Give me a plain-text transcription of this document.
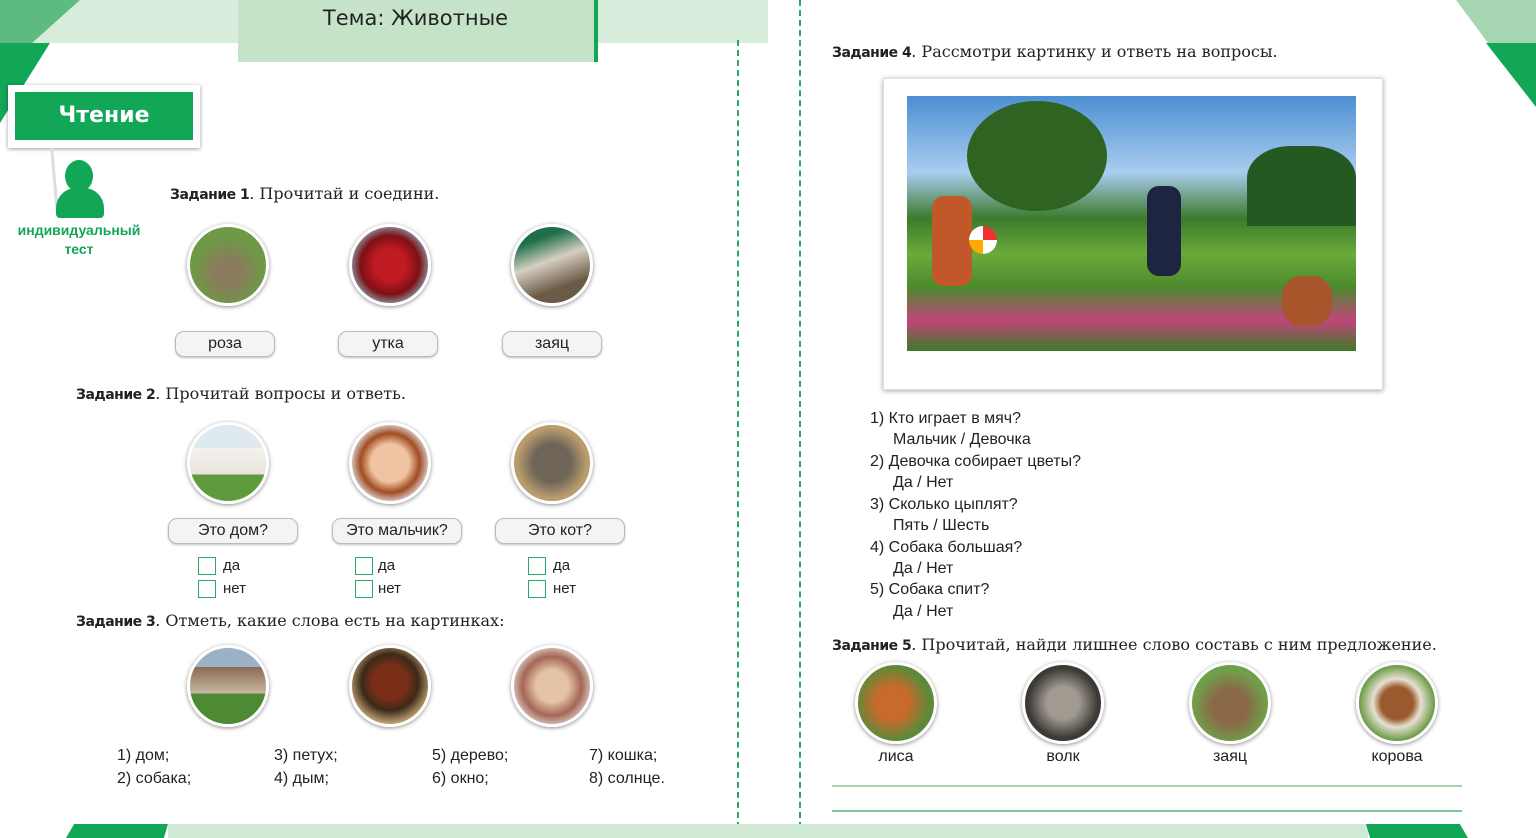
Тема: Животные
Чтение
индивидуальный
тест
Задание 1. Прочитай и соедини.
роза	утка	заяц
Задание 2. Прочитай вопросы и ответь.
Это дом?	Это мальчик?	Это кот?
да
нет
да
нет
да
нет
Задание 3. Отметь, какие слова есть на картинках:
1) дом;
2) собака;
3) петух;
4) дым;
5) дерево;
6) окно;
7) кошка;
8) солнце.
Задание 4. Рассмотри картинку и ответь на вопросы.
1) Кто играет в мяч?
Мальчик / Девочка
2) Девочка собирает цветы?
Да / Нет
3) Сколько цыплят?
Пять / Шесть
4) Собака большая?
Да / Нет
5) Собака спит?
Да / Нет
Задание 5. Прочитай, найди лишнее слово составь с ним предложение.
лиса	волк	заяц	корова
